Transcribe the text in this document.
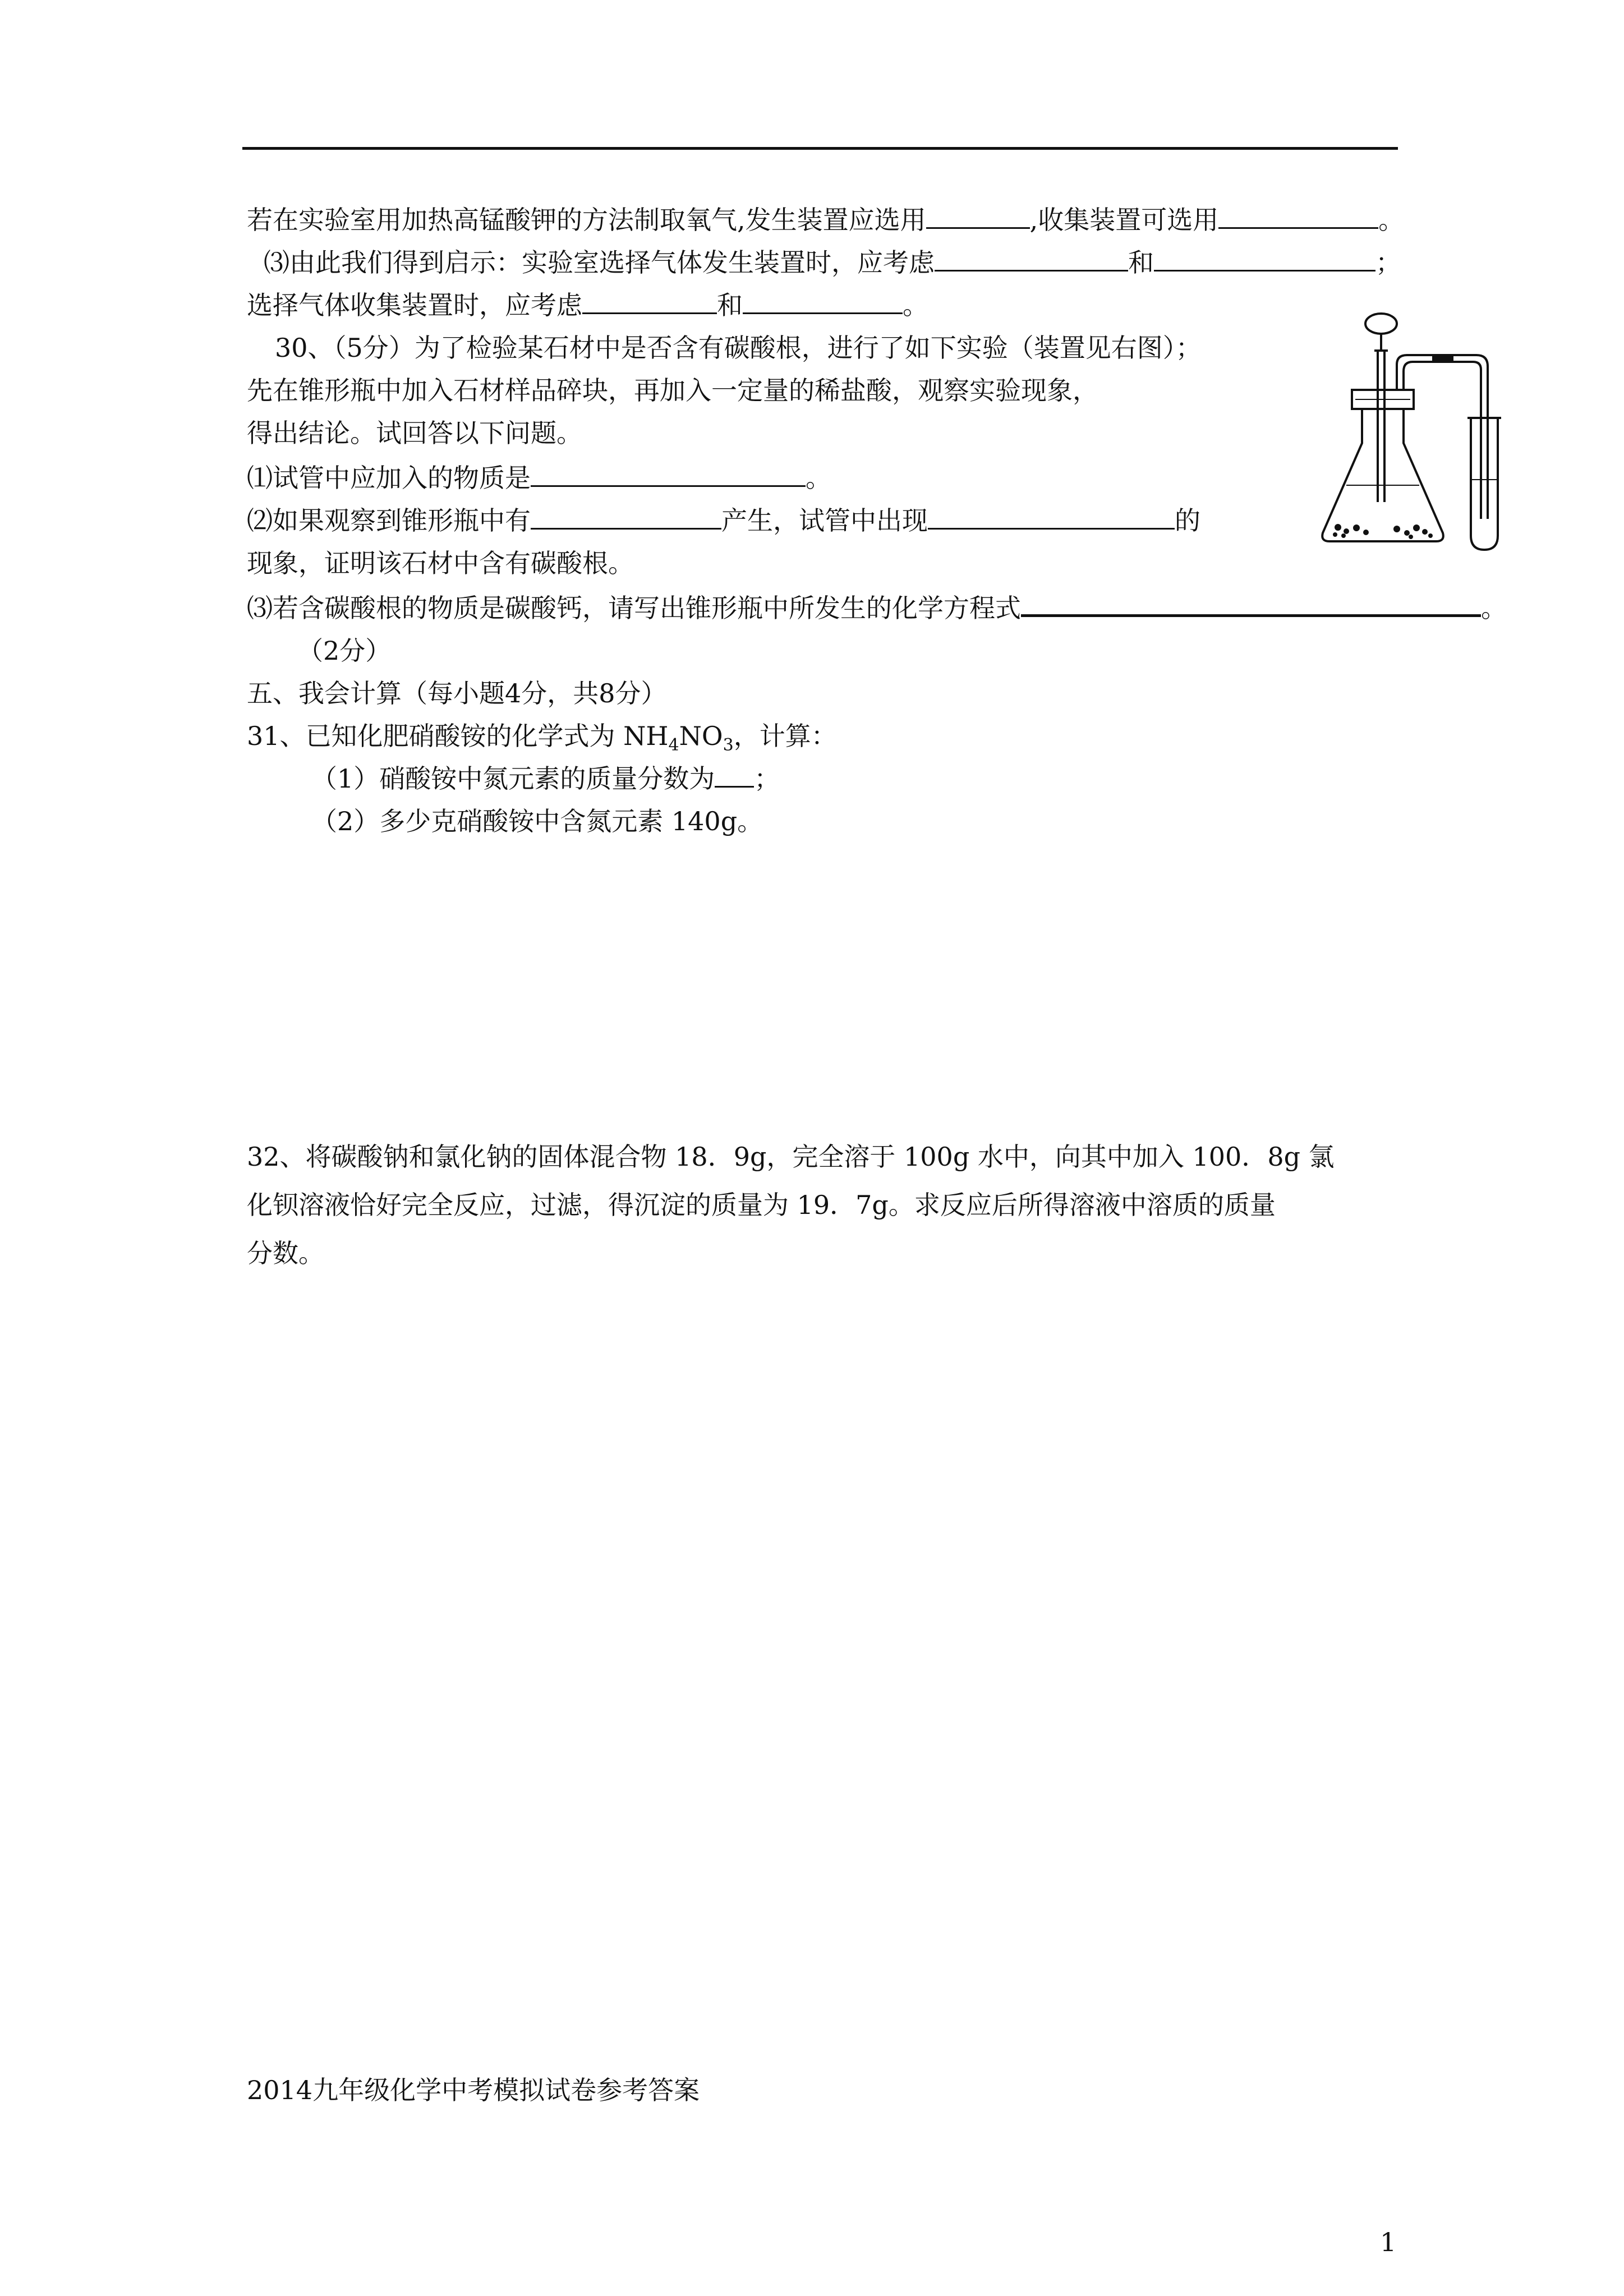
若在实验室用加热高锰酸钾的方法制取氧气,发生装置应选用	,收集装置可选用	。
⑶由此我们得到启示：实验室选择气体发生装置时，应考虑	和	；
选择气体收集装置时，应考虑	和	。
30、（5分）为了检验某石材中是否含有碳酸根，进行了如下实验（装置见右图）；
先在锥形瓶中加入石材样品碎块，再加入一定量的稀盐酸，观察实验现象，
得出结论。试回答以下问题。
⑴试管中应加入的物质是	。
⑵如果观察到锥形瓶中有	产生，试管中出现	的
现象，证明该石材中含有碳酸根。
⑶若含碳酸根的物质是碳酸钙，请写出锥形瓶中所发生的化学方程式	。
（2分）
五、我会计算（每小题4分，共8分）
31、已知化肥硝酸铵的化学式为 $NH_4NO_3$，计算：
（1）硝酸铵中氮元素的质量分数为 ；
（2）多少克硝酸铵中含氮元素 140g。
32、将碳酸钠和氯化钠的固体混合物 18．9g，完全溶于 100g 水中，向其中加入 100．8g 氯
化钡溶液恰好完全反应，过滤，得沉淀的质量为 19．7g。求反应后所得溶液中溶质的质量
分数。
2014九年级化学中考模拟试卷参考答案
1
